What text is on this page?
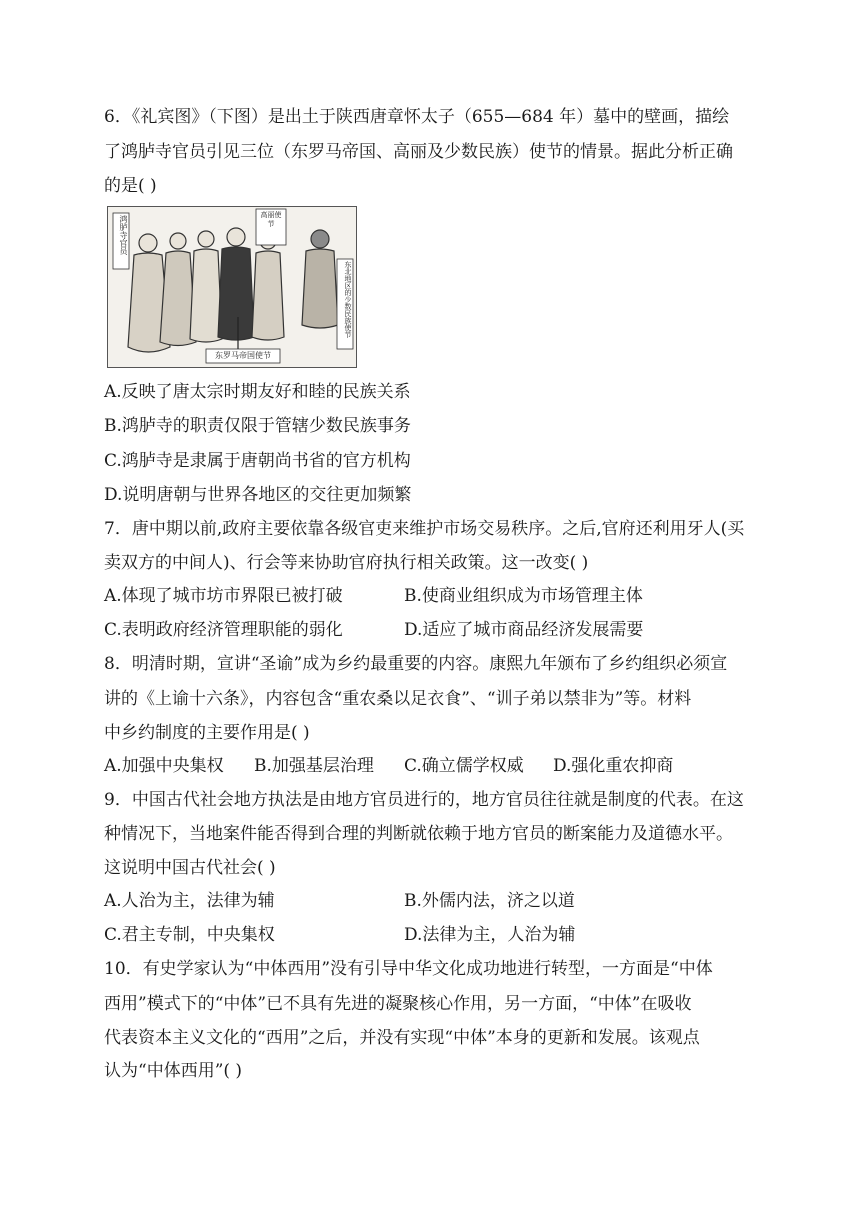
6．《礼宾图》（下图）是出土于陕西唐章怀太子（655—684 年）墓中的壁画，描绘
了鸿胪寺官员引见三位（东罗马帝国、高丽及少数民族）使节的情景。据此分析正确
的是( )
鸿胪寺官员	高丽使节
东北地区的少数民族使节
东罗马帝国使节
A.反映了唐太宗时期友好和睦的民族关系
B.鸿胪寺的职责仅限于管辖少数民族事务
C.鸿胪寺是隶属于唐朝尚书省的官方机构
D.说明唐朝与世界各地区的交往更加频繁
7．唐中期以前,政府主要依靠各级官吏来维护市场交易秩序。之后,官府还利用牙人(买
卖双方的中间人)、行会等来协助官府执行相关政策。这一改变( )
A.体现了城市坊市界限已被打破	B.使商业组织成为市场管理主体
C.表明政府经济管理职能的弱化	D.适应了城市商品经济发展需要
8．明清时期，宣讲“圣谕”成为乡约最重要的内容。康熙九年颁布了乡约组织必须宣
讲的《上谕十六条》，内容包含“重农桑以足衣食”、“训子弟以禁非为”等。材料
中乡约制度的主要作用是( )
A.加强中央集权 B.加强基层治理 C.确立儒学权威 D.强化重农抑商
9．中国古代社会地方执法是由地方官员进行的，地方官员往往就是制度的代表。在这
种情况下，当地案件能否得到合理的判断就依赖于地方官员的断案能力及道德水平。
这说明中国古代社会( )
A.人治为主，法律为辅	B.外儒内法，济之以道
C.君主专制，中央集权	D.法律为主，人治为辅
10．有史学家认为“中体西用”没有引导中华文化成功地进行转型，一方面是“中体
西用”模式下的“中体”已不具有先进的凝聚核心作用，另一方面，“中体”在吸收
代表资本主义文化的“西用”之后，并没有实现“中体”本身的更新和发展。该观点
认为“中体西用”( )
